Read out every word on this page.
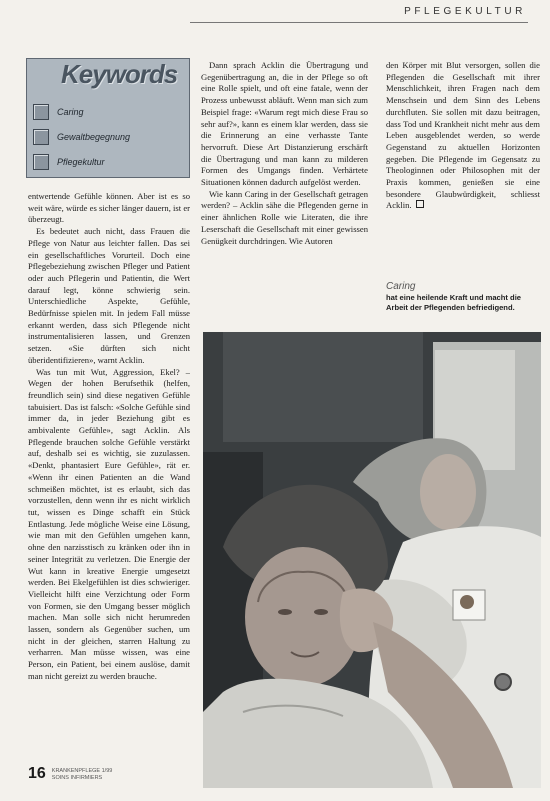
PFLEGEKULTUR
Keywords
Caring
Gewaltbegegnung
Pflegekultur

entwertende Gefühle können. Aber ist es so weit wäre, würde es sicher länger dauern, ist er überzeugt.

Es bedeutet auch nicht, dass Frauen die Pflege von Natur aus leichter fallen. Das sei ein gesellschaftliches Vorurteil. Doch eine Pflegebeziehung zwischen Pfleger und Patient oder auch Pflegerin und Patientin, die Wert darauf legt, könne schwierig sein. Unterschiedliche Aspekte, Gefühle, Bedürfnisse spielen mit. In jedem Fall müsse erkannt werden, dass sich Pflegende nicht instrumentalisieren lassen, und Grenzen setzen. «Sie dürften sich nicht überidentifizieren», warnt Acklin.

Was tun mit Wut, Aggression, Ekel? – Wegen der hohen Berufsethik (helfen, freundlich sein) sind diese negativen Gefühle tabuisiert. Das ist falsch: «Solche Gefühle sind immer da, in jeder Beziehung gibt es ambivalente Gefühle», sagt Acklin. Als Pflegende brauchen solche Gefühle verstärkt auf, deshalb sei es wichtig, sie zuzulassen. «Denkt, phantasiert Eure Gefühle», rät er. «Wenn ihr einen Patienten an die Wand schmeißen möchtet, ist es erlaubt, sich das vorzustellen, denn wenn ihr es nicht wirklich tut, wissen es Dinge schafft ein Stück Entlastung. Jede mögliche Weise eine Lösung, wie man mit den Gefühlen umgehen kann, ohne den narzisstisch zu kränken oder ihn in seiner Integrität zu verletzen. Die Energie der Wut kann in kreative Energie umgesetzt werden. Bei Ekelgefühlen ist dies schwieriger. Vielleicht hilft eine Verzichtung oder Form von Formen, sie den Umgang besser möglich machen. Man solle sich nicht herumreden lassen, sondern als Gegenüber suchen, um nicht in der gleichen, starren Haltung zu verharren. Man müsse wissen, was eine Person, ein Patient, bei einem auslöse, damit man nicht gereizt zu werden brauche.

Dann sprach Acklin die Übertragung und Gegenübertragung an, die in der Pflege so oft eine Rolle spielt, und oft eine fatale, wenn der Prozess unbewusst abläuft. Wenn man sich zum Beispiel frage: «Warum regt mich diese Frau so sehr auf?», kann es einem klar werden, dass sie die Erinnerung an eine verhasste Tante hervorruft. Diese Art Distanzierung erschärft die Übertragung und man kann zu milderen Formen des Umgangs finden. Verhärtete Situationen können dadurch aufgelöst werden.

Wie kann Caring in der Gesellschaft getragen werden? – Acklin sähe die Pflegenden gerne in einer ähnlichen Rolle wie Literaten, die ihre Leserschaft die Gesellschaft mit einer gewissen Genügkeit durchdringen. Wie Autoren

den Körper mit Blut versorgen, sollen die Pflegenden die Gesellschaft mit ihrer Menschlichkeit, ihren Fragen nach dem Menschsein und dem Sinn des Lebens durchfluten. Sie sollen mit dazu beitragen, dass Tod und Krankheit nicht mehr aus dem Leben ausgeblendet werden, so werde Gegenstand zu aktuellen Horizonten gegeben. Die Pflegende im Gegensatz zu Theologinnen oder Philosophen mit der Praxis kommen, genießen sie eine besondere Glaubwürdigkeit, schliesst Acklin.

Caring
hat eine heilende Kraft und macht die Arbeit der Pflegenden befriedigend.
16 KRANKENPFLEGE 1/99
SOINS INFIRMIERS
